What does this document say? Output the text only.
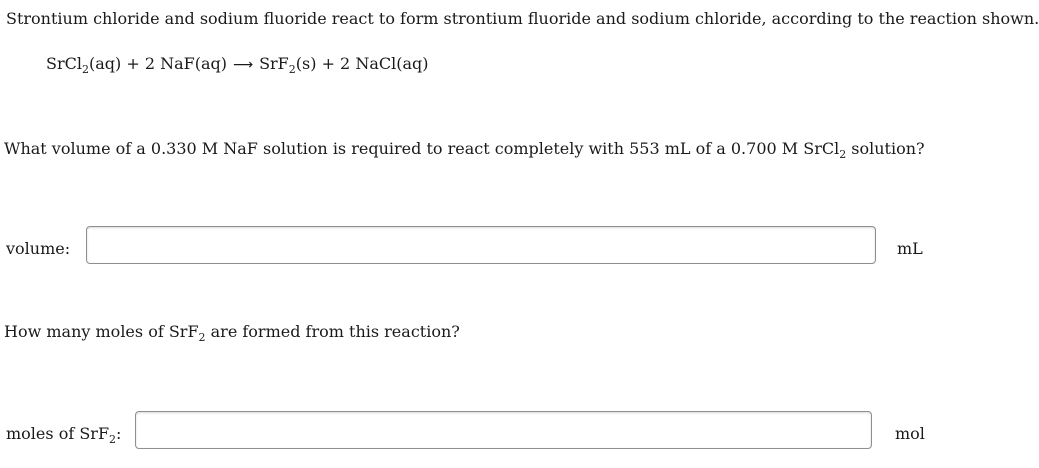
Strontium chloride and sodium fluoride react to form strontium fluoride and sodium chloride, according to the reaction shown.
SrCl$_2$(aq) + 2 NaF(aq) ⟶ SrF$_2$(s) + 2 NaCl(aq)
What volume of a 0.330 M NaF solution is required to react completely with 553 mL of a 0.700 M SrCl$_2$ solution?
volume:	mL
How many moles of SrF$_2$ are formed from this reaction?
moles of SrF$_2$:	mol
